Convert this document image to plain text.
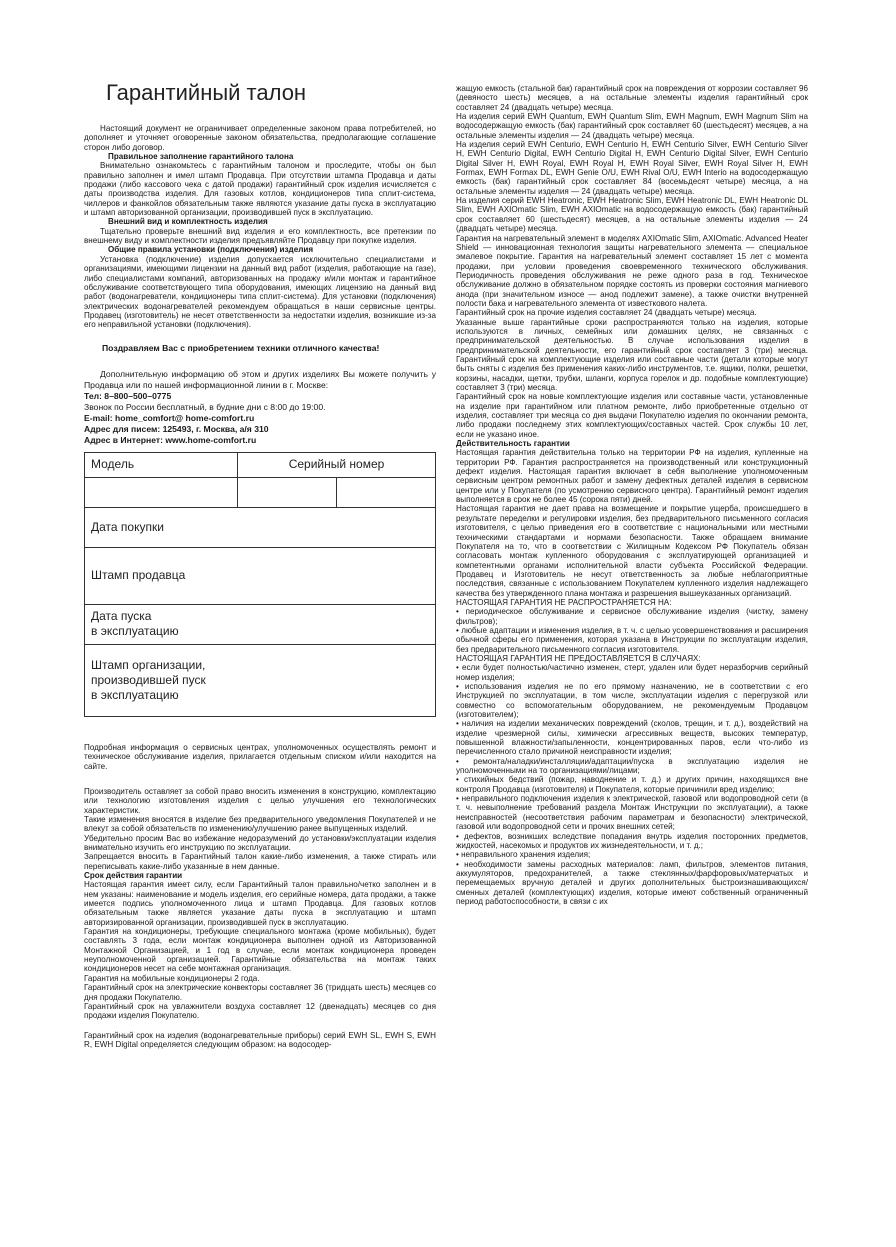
Гарантийный талон

Настоящий документ не ограничивает определенные законом права потребителей, но дополняет и уточняет оговоренные законом обязательства, предполагающие соглашение сторон либо договор.

Правильное заполнение гарантийного талона

Внимательно ознакомьтесь с гарантийным талоном и проследите, чтобы он был правильно заполнен и имел штамп Продавца. При отсутствии штампа Продавца и даты продажи (либо кассового чека с датой продажи) гарантийный срок изделия исчисляется с даты производства изделия. Для газовых котлов, кондиционеров типа сплит-система, чиллеров и фанкойлов обязательным также являются указание даты пуска в эксплуатацию и штамп авторизованной организации, производившей пуск в эксплуатацию.

Внешний вид и комплектность изделия

Тщательно проверьте внешний вид изделия и его комплектность, все претензии по внешнему виду и комплектности изделия предъявляйте Продавцу при покупке изделия.

Общие правила установки (подключения) изделия

Установка (подключение) изделия допускается исключительно специалистами и организациями, имеющими лицензии на данный вид работ (изделия, работающие на газе), либо специалистами компаний, авторизованных на продажу и/или монтаж и гарантийное обслуживание соответствующего типа оборудования, имеющих лицензию на данный вид работ (водонагреватели, кондиционеры типа сплит-система). Для установки (подключения) электрических водонагревателей рекомендуем обращаться в наши сервисные центры. Продавец (изготовитель) не несет ответственности за недостатки изделия, возникшие из-за его неправильной установки (подключения).

Поздравляем Вас с приобретением техники отличного качества!

Дополнительную информацию об этом и других изделиях Вы можете получить у Продавца или по нашей информационной линии в г. Москве:

Тел: 8–800–500–0775

Звонок по России бесплатный, в будние дни с 8:00 до 19:00.

E-mail: home_comfort@ home-comfort.ru

Адрес для писем: 125493, г. Москва, а/я 310

Адрес в Интернет: www.home-comfort.ru

Модель	Серийный номер	

Дата покупки		
Штамп продавца		

Дата пуска
в эксплуатацию		

Штамп организации,
производившей пуск
в эксплуатацию		

Подробная информация о сервисных центрах, уполномоченных осуществлять ремонт и техническое обслуживание изделия, прилагается отдельным списком и/или находится на сайте.

Производитель оставляет за собой право вносить изменения в конструкцию, комплектацию или технологию изготовления изделия с целью улучшения его технологических характеристик.

Такие изменения вносятся в изделие без предварительного уведомления Покупателей и не влекут за собой обязательств по изменению/улучшению ранее выпущенных изделий.

Убедительно просим Вас во избежание недоразумений до установки/эксплуатации изделия внимательно изучить его инструкцию по эксплуатации.

Запрещается вносить в Гарантийный талон какие-либо изменения, а также стирать или переписывать какие-либо указанные в нем данные.

Срок действия гарантии

Настоящая гарантия имеет силу, если Гарантийный талон правильно/четко заполнен и в нем указаны: наименование и модель изделия, его серийные номера, дата продажи, а также имеется подпись уполномоченного лица и штамп Продавца. Для газовых котлов обязательным также является указание даты пуска в эксплуатацию и штамп авторизированной организации, производившей пуск в эксплуатацию.

Гарантия на кондиционеры, требующие специального монтажа (кроме мобильных), будет составлять 3 года, если монтаж кондиционера выполнен одной из Авторизованной Монтажной Организацией, и 1 год в случае, если монтаж кондиционера проведен неуполномоченной организацией. Гарантийные обязательства на монтаж таких кондиционеров несет на себе монтажная организация.

Гарантия на мобильные кондиционеры 2 года.

Гарантийный срок на электрические конвекторы составляет 36 (тридцать шесть) месяцев со дня продажи Покупателю.

Гарантийный срок на увлажнители воздуха составляет 12 (двенадцать) месяцев со дня продажи изделия Покупателю.

Гарантийный срок на изделия (водонагревательные приборы) серий EWH SL, EWH S, EWH R, EWH Digital определяется следующим образом: на водосодер-

жащую емкость (стальной бак) гарантийный срок на повреждения от коррозии составляет 96 (девяносто шесть) месяцев, а на остальные элементы изделия гарантийный срок составляет 24 (двадцать четыре) месяца.

На изделия серий EWH Quantum, EWH Quantum Slim, EWH Magnum, EWH Magnum Slim на водосодержащую емкость (бак) гарантийный срок составляет 60 (шестьдесят) месяцев, а на остальные элементы изделия — 24 (двадцать четыре) месяца.

На изделия серий EWH Centurio, EWH Centurio H, EWH Centurio Silver, EWH Centurio Silver H, EWH Centurio Digital, EWH Centurio Digital H, EWH Centurio Digital Silver, EWH Centurio Digital Silver H, EWH Royal, EWH Royal H, EWH Royal Silver, EWH Royal Silver H, EWH Formax, EWH Formax DL, EWH Genie O/U, EWH Rival O/U, EWH Interio на водосодержащую емкость (бак) гарантийный срок составляет 84 (восемьдесят четыре) месяца, а на остальные элементы изделия — 24 (двадцать четыре) месяца.

На изделия серий EWH Heatronic, EWH Heatronic Slim, EWH Heatronic DL, EWH Heatronic DL Slim, EWH AXIOmatic Slim, EWH AXIOmatic на водосодержащую емкость (бак) гарантийный срок составляет 60 (шестьдесят) месяцев, а на остальные элементы изделия — 24 (двадцать четыре) месяца.

Гарантия на нагревательный элемент в моделях AXIOmatic Slim, AXIOmatic. Advanced Heater Shield — инновационная технология защиты нагревательного элемента — специальное эмалевое покрытие. Гарантия на нагревательный элемент составляет 15 лет с момента продажи, при условии проведения своевременного технического обслуживания. Периодичность проведения обслуживания не реже одного раза в год. Техническое обслуживание должно в обязательном порядке состоять из проверки состояния магниевого анода (при значительном износе — анод подлежит замене), а также очистки внутренней полости бака и нагревательного элемента от известкового налета.

Гарантийный срок на прочие изделия составляет 24 (двадцать четыре) месяца.

Указанные выше гарантийные сроки распространяются только на изделия, которые используются в личных, семейных или домашних целях, не связанных с предпринимательской деятельностью. В случае использования изделия в предпринимательской деятельности, его гарантийный срок составляет 3 (три) месяца. Гарантийный срок на комплектующие изделия или составные части (детали которые могут быть сняты с изделия без применения каких-либо инструментов, т.е. ящики, полки, решетки, корзины, насадки, щетки, трубки, шланги, корпуса горелок и др. подобные комплектующие) составляет 3 (три) месяца.

Гарантийный срок на новые комплектующие изделия или составные части, установленные на изделие при гарантийном или платном ремонте, либо приобретенные отдельно от изделия, составляет три месяца со дня выдачи Покупателю изделия по окончании ремонта, либо продажи последнему этих комплектующих/составных частей. Срок службы 10 лет, если не указано иное.

Действительность гарантии

Настоящая гарантия действительна только на территории РФ на изделия, купленные на территории РФ. Гарантия распространяется на производственный или конструкционный дефект изделия. Настоящая гарантия включает в себя выполнение уполномоченным сервисным центром ремонтных работ и замену дефектных деталей изделия в сервисном центре или у Покупателя (по усмотрению сервисного центра). Гарантийный ремонт изделия выполняется в срок не более 45 (сорока пяти) дней.

Настоящая гарантия не дает права на возмещение и покрытие ущерба, происшедшего в результате переделки и регулировки изделия, без предварительного письменного согласия изготовителя, с целью приведения его в соответствие с национальными или местными техническими стандартами и нормами безопасности. Также обращаем внимание Покупателя на то, что в соответствии с Жилищным Кодексом РФ Покупатель обязан согласовать монтаж купленного оборудования с эксплуатирующей организацией и компетентными органами исполнительной власти субъекта Российской Федерации. Продавец и Изготовитель не несут ответственность за любые неблагоприятные последствия, связанные с использованием Покупателем купленного изделия надлежащего качества без утвержденного плана монтажа и разрешения вышеуказанных организаций.

НАСТОЯЩАЯ ГАРАНТИЯ НЕ РАСПРОСТРАНЯЕТСЯ НА:

• периодическое обслуживание и сервисное обслуживание изделия (чистку, замену фильтров);

• любые адаптации и изменения изделия, в т. ч. с целью усовершенствования и расширения обычной сферы его применения, которая указана в Инструкции по эксплуатации изделия, без предварительного письменного согласия изготовителя.

НАСТОЯЩАЯ ГАРАНТИЯ НЕ ПРЕДОСТАВЛЯЕТСЯ В СЛУЧАЯХ:

• если будет полностью/частично изменен, стерт, удален или будет неразборчив серийный номер изделия;

• использования изделия не по его прямому назначению, не в соответствии с его Инструкцией по эксплуатации, в том числе, эксплуатации изделия с перегрузкой или совместно со вспомогательным оборудованием, не рекомендуемым Продавцом (изготовителем);

• наличия на изделии механических повреждений (сколов, трещин, и т. д.), воздействий на изделие чрезмерной силы, химически агрессивных веществ, высоких температур, повышенной влажности/запыленности, концентрированных паров, если что-либо из перечисленного стало причиной неисправности изделия;

• ремонта/наладки/инсталляции/адаптации/пуска в эксплуатацию изделия не уполномоченными на то организациями/лицами;

• стихийных бедствий (пожар, наводнение и т. д.) и других причин, находящихся вне контроля Продавца (изготовителя) и Покупателя, которые причинили вред изделию;

• неправильного подключения изделия к электрической, газовой или водопроводной сети (в т. ч. невыполнение требований раздела Монтаж Инструкции по эксплуатации), а также неисправностей (несоответствия рабочим параметрам и безопасности) электрической, газовой или водопроводной сети и прочих внешних сетей;

• дефектов, возникших вследствие попадания внутрь изделия посторонних предметов, жидкостей, насекомых и продуктов их жизнедеятельности, и т. д.;

• неправильного хранения изделия;

• необходимости замены расходных материалов: ламп, фильтров, элементов питания, аккумуляторов, предохранителей, а также стеклянных/фарфоровых/матерчатых и перемещаемых вручную деталей и других дополнительных быстроизнашивающихся/сменных деталей (комплектующих) изделия, которые имеют собственный ограниченный период работоспособности, в связи с их
